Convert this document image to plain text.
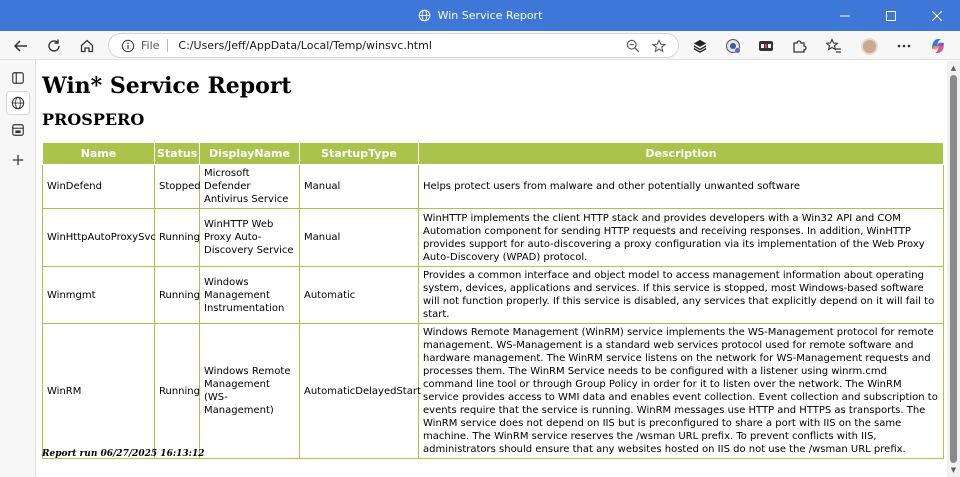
Win Service Report
File C:/Users/Jeff/AppData/Local/Temp/winsvc.html
Win* Service Report
PROSPERO
Name	Status	DisplayName	StartupType	Description
WinDefend	Stopped	Microsoft Defender Antivirus Service	Manual	Helps protect users from malware and other potentially unwanted software
WinHttpAutoProxySvc	Running	WinHTTP Web Proxy Auto-Discovery Service	Manual	WinHTTP implements the client HTTP stack and provides developers with a Win32 API and COM Automation component for sending HTTP requests and receiving responses. In addition, WinHTTP provides support for auto-discovering a proxy configuration via its implementation of the Web Proxy Auto-Discovery (WPAD) protocol.
Winmgmt	Running	Windows Management Instrumentation	Automatic	Provides a common interface and object model to access management information about operating system, devices, applications and services. If this service is stopped, most Windows-based software will not function properly. If this service is disabled, any services that explicitly depend on it will fail to start.
WinRM	Running	Windows Remote Management (WS-Management)	AutomaticDelayedStart	Windows Remote Management (WinRM) service implements the WS-Management protocol for remote management. WS-Management is a standard web services protocol used for remote software and hardware management. The WinRM service listens on the network for WS-Management requests and processes them. The WinRM Service needs to be configured with a listener using winrm.cmd command line tool or through Group Policy in order for it to listen over the network. The WinRM service provides access to WMI data and enables event collection. Event collection and subscription to events require that the service is running. WinRM messages use HTTP and HTTPS as transports. The WinRM service does not depend on IIS but is preconfigured to share a port with IIS on the same machine. The WinRM service reserves the /wsman URL prefix. To prevent conflicts with IIS, administrators should ensure that any websites hosted on IIS do not use the /wsman URL prefix.
Report run 06/27/2025 16:13:12
▲
▼
